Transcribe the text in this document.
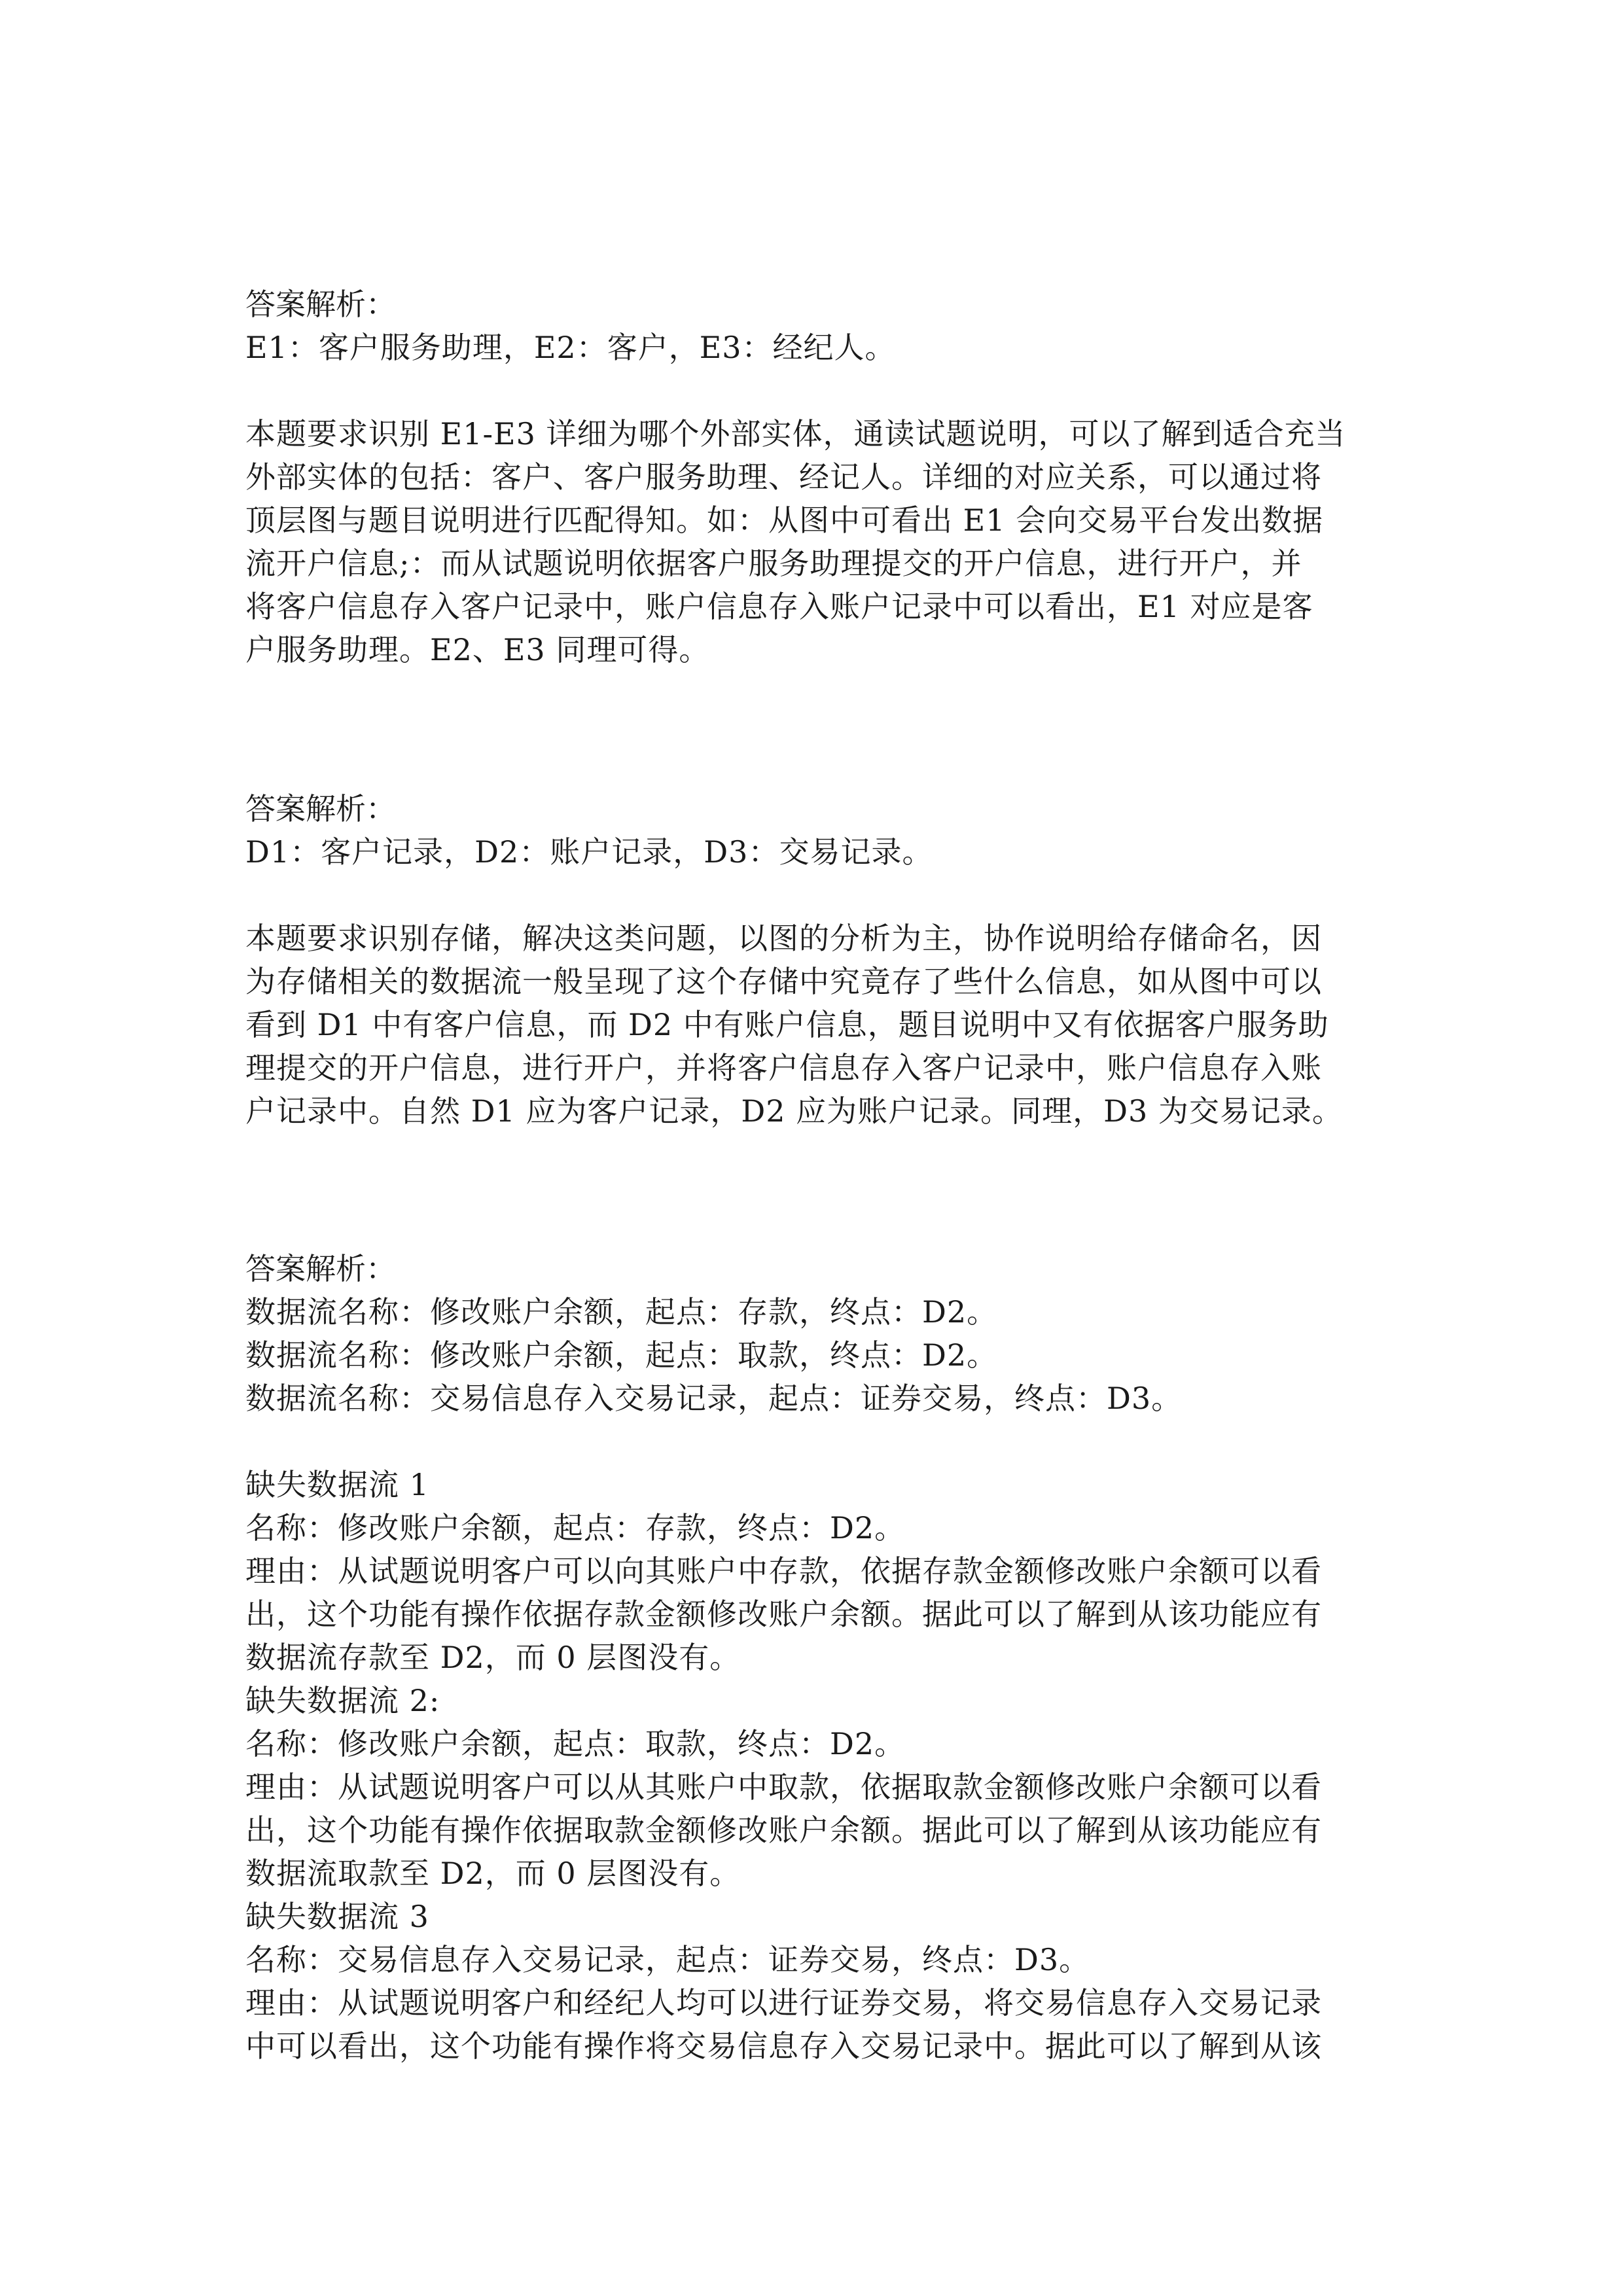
答案解析：
E1：客户服务助理，E2：客户，E3：经纪人。
本题要求识别 E1-E3 详细为哪个外部实体，通读试题说明，可以了解到适合充当
外部实体的包括：客户、客户服务助理、经记人。详细的对应关系，可以通过将
顶层图与题目说明进行匹配得知。如：从图中可看出 E1 会向交易平台发出数据
流开户信息;：而从试题说明依据客户服务助理提交的开户信息，进行开户，并
将客户信息存入客户记录中，账户信息存入账户记录中可以看出，E1 对应是客
户服务助理。E2、E3 同理可得。
答案解析：
D1：客户记录，D2：账户记录，D3：交易记录。
本题要求识别存储，解决这类问题，以图的分析为主，协作说明给存储命名，因
为存储相关的数据流一般呈现了这个存储中究竟存了些什么信息，如从图中可以
看到 D1 中有客户信息，而 D2 中有账户信息，题目说明中又有依据客户服务助
理提交的开户信息，进行开户，并将客户信息存入客户记录中，账户信息存入账
户记录中。自然 D1 应为客户记录，D2 应为账户记录。同理，D3 为交易记录。
答案解析：
数据流名称：修改账户余额，起点：存款，终点：D2。
数据流名称：修改账户余额，起点：取款，终点：D2。
数据流名称：交易信息存入交易记录，起点：证券交易，终点：D3。
缺失数据流 1
名称：修改账户余额，起点：存款，终点：D2。
理由：从试题说明客户可以向其账户中存款，依据存款金额修改账户余额可以看
出，这个功能有操作依据存款金额修改账户余额。据此可以了解到从该功能应有
数据流存款至 D2，而 0 层图没有。
缺失数据流 2:
名称：修改账户余额，起点：取款，终点：D2。
理由：从试题说明客户可以从其账户中取款，依据取款金额修改账户余额可以看
出，这个功能有操作依据取款金额修改账户余额。据此可以了解到从该功能应有
数据流取款至 D2，而 0 层图没有。
缺失数据流 3
名称：交易信息存入交易记录，起点：证券交易，终点：D3。
理由：从试题说明客户和经纪人均可以进行证券交易，将交易信息存入交易记录
中可以看出，这个功能有操作将交易信息存入交易记录中。据此可以了解到从该
